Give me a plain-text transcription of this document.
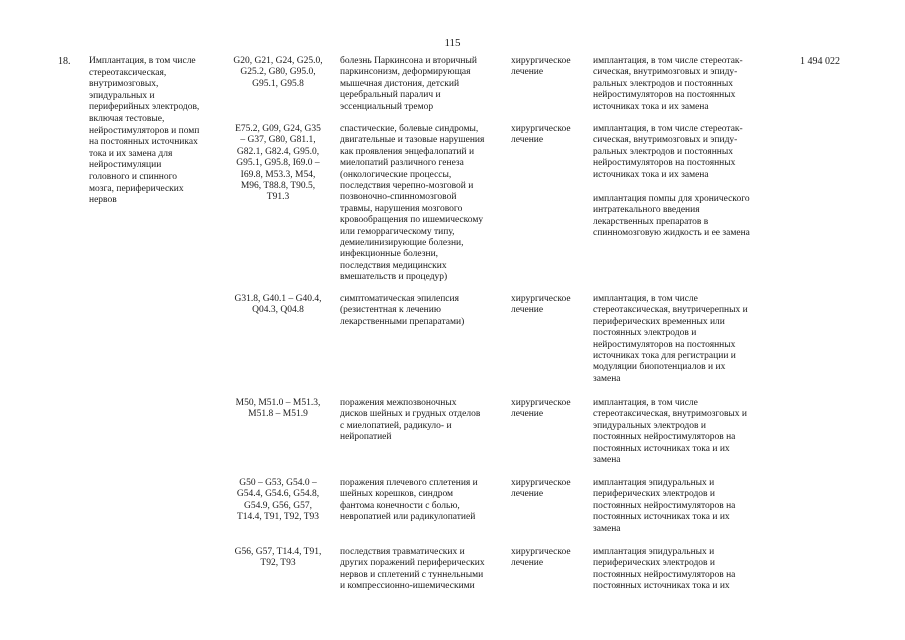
115
18.	1 494 022
Имплантация, в том числе
стереотаксическая,
внутримозговых,
эпидуральных и
периферийных электродов,
включая тестовые,
нейростимуляторов и помп
на постоянных источниках
тока и их замена для
нейростимуляции
головного и спинного
мозга, периферических
нервов
G20, G21, G24, G25.0,
G25.2, G80, G95.0,
G95.1, G95.8
болезнь Паркинсона и вторичный
паркинсонизм, деформирующая
мышечная дистония, детский
церебральный паралич и
эссенциальный тремор
хирургическое
лечение
имплантация, в том числе стереотак-
сическая, внутримозговых и эпиду-
ральных электродов и постоянных
нейростимуляторов на постоянных
источниках тока и их замена
E75.2, G09, G24, G35
– G37, G80, G81.1,
G82.1, G82.4, G95.0,
G95.1, G95.8, I69.0 –
I69.8, M53.3, M54,
M96, T88.8, T90.5,
T91.3
спастические, болевые синдромы,
двигательные и тазовые нарушения
как проявления энцефалопатий и
миелопатий различного генеза
(онкологические процессы,
последствия черепно-мозговой и
позвоночно-спинномозговой
травмы, нарушения мозгового
кровообращения по ишемическому
или геморрагическому типу,
демиелинизирующие болезни,
инфекционные болезни,
последствия медицинских
вмешательств и процедур)
хирургическое
лечение
имплантация, в том числе стереотак-
сическая, внутримозговых и эпиду-
ральных электродов и постоянных
нейростимуляторов на постоянных
источниках тока и их замена
имплантация помпы для хронического
интратекального введения
лекарственных препаратов в
спинномозговую жидкость и ее замена
G31.8, G40.1 – G40.4,
Q04.3, Q04.8
симптоматическая эпилепсия
(резистентная к лечению
лекарственными препаратами)
хирургическое
лечение
имплантация, в том числе
стереотаксическая, внутричерепных и
периферических временных или
постоянных электродов и
нейростимуляторов на постоянных
источниках тока для регистрации и
модуляции биопотенциалов и их
замена
M50, M51.0 – M51.3,
M51.8 – M51.9
поражения межпозвоночных
дисков шейных и грудных отделов
с миелопатией, радикуло- и
нейропатией
хирургическое
лечение
имплантация, в том числе
стереотаксическая, внутримозговых и
эпидуральных электродов и
постоянных нейростимуляторов на
постоянных источниках тока и их
замена
G50 – G53, G54.0 –
G54.4, G54.6, G54.8,
G54.9, G56, G57,
T14.4, T91, T92, T93
поражения плечевого сплетения и
шейных корешков, синдром
фантома конечности с болью,
невропатией или радикулопатией
хирургическое
лечение
имплантация эпидуральных и
периферических электродов и
постоянных нейростимуляторов на
постоянных источниках тока и их
замена
G56, G57, T14.4, T91,
T92, T93
последствия травматических и
других поражений периферических
нервов и сплетений с туннельными
и компрессионно-ишемическими
хирургическое
лечение
имплантация эпидуральных и
периферических электродов и
постоянных нейростимуляторов на
постоянных источниках тока и их
